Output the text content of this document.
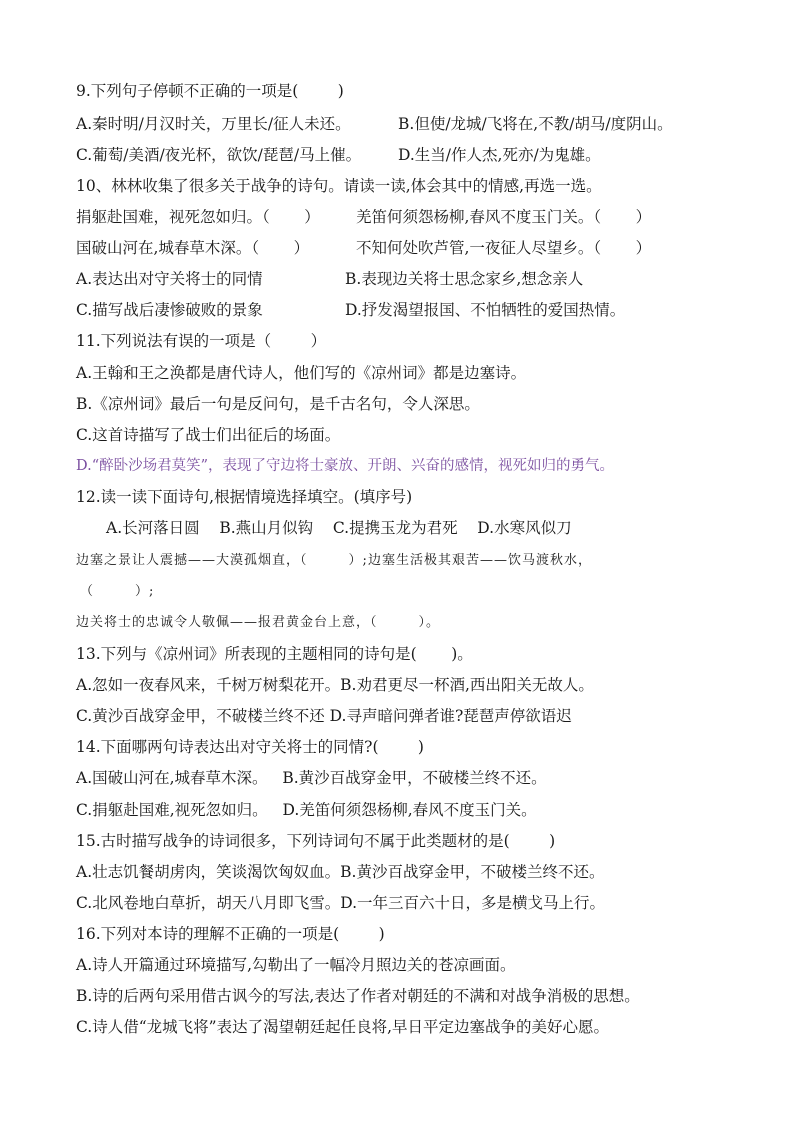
9.下列句子停顿不正确的一项是(        )
A.秦时明/月汉时关，万里长/征人未还。	B.但使/龙城/飞将在,不教/胡马/度阴山。
C.葡萄/美酒/夜光杯，欲饮/琵琶/马上催。 D.生当/作人杰,死亦/为鬼雄。
10、林林收集了很多关于战争的诗句。请读一读,体会其中的情感,再选一选。
捐躯赴国难，视死忽如归。（       ） 羌笛何须怨杨柳,春风不度玉门关。（       ）
国破山河在,城春草木深。（       ）	不知何处吹芦管,一夜征人尽望乡。（       ）
A.表达出对守关将士的同情	B.表现边关将士思念家乡,想念亲人
C.描写战后凄惨破败的景象	D.抒发渴望报国、不怕牺牲的爱国热情。
11.下列说法有误的一项是（        ）
A.王翰和王之涣都是唐代诗人，他们写的《凉州词》都是边塞诗。
B.《凉州词》最后一句是反问句，是千古名句，令人深思。
C.这首诗描写了战士们出征后的场面。
D.“醉卧沙场君莫笑”，表现了守边将士豪放、开朗、兴奋的感情，视死如归的勇气。
12.读一读下面诗句,根据情境选择填空。(填序号)
A.长河落日圆    B.燕山月似钩    C.提携玉龙为君死    D.水寒风似刀
边塞之景让人震撼——大漠孤烟直，（        ）;边塞生活极其艰苦——饮马渡秋水，
（        ）;
边关将士的忠诚令人敬佩——报君黄金台上意，（        ）。
13.下列与《凉州词》所表现的主题相同的诗句是(       )。
A.忽如一夜春风来，千树万树梨花开。B.劝君更尽一杯酒,西出阳关无故人。
C.黄沙百战穿金甲，不破楼兰终不还 D.寻声暗问弹者谁?琵琶声停欲语迟
14.下面哪两句诗表达出对守关将士的同情?(        )
A.国破山河在,城春草木深。   B.黄沙百战穿金甲，不破楼兰终不还。
C.捐躯赴国难,视死忽如归。   D.羌笛何须怨杨柳,春风不度玉门关。
15.古时描写战争的诗词很多，下列诗词句不属于此类题材的是(        )
A.壮志饥餐胡虏肉，笑谈渴饮匈奴血。B.黄沙百战穿金甲，不破楼兰终不还。
C.北风卷地白草折，胡天八月即飞雪。D.一年三百六十日，多是横戈马上行。
16.下列对本诗的理解不正确的一项是(        )
A.诗人开篇通过环境描写,勾勒出了一幅冷月照边关的苍凉画面。
B.诗的后两句采用借古讽今的写法,表达了作者对朝廷的不满和对战争消极的思想。
C.诗人借“龙城飞将”表达了渴望朝廷起任良将,早日平定边塞战争的美好心愿。
